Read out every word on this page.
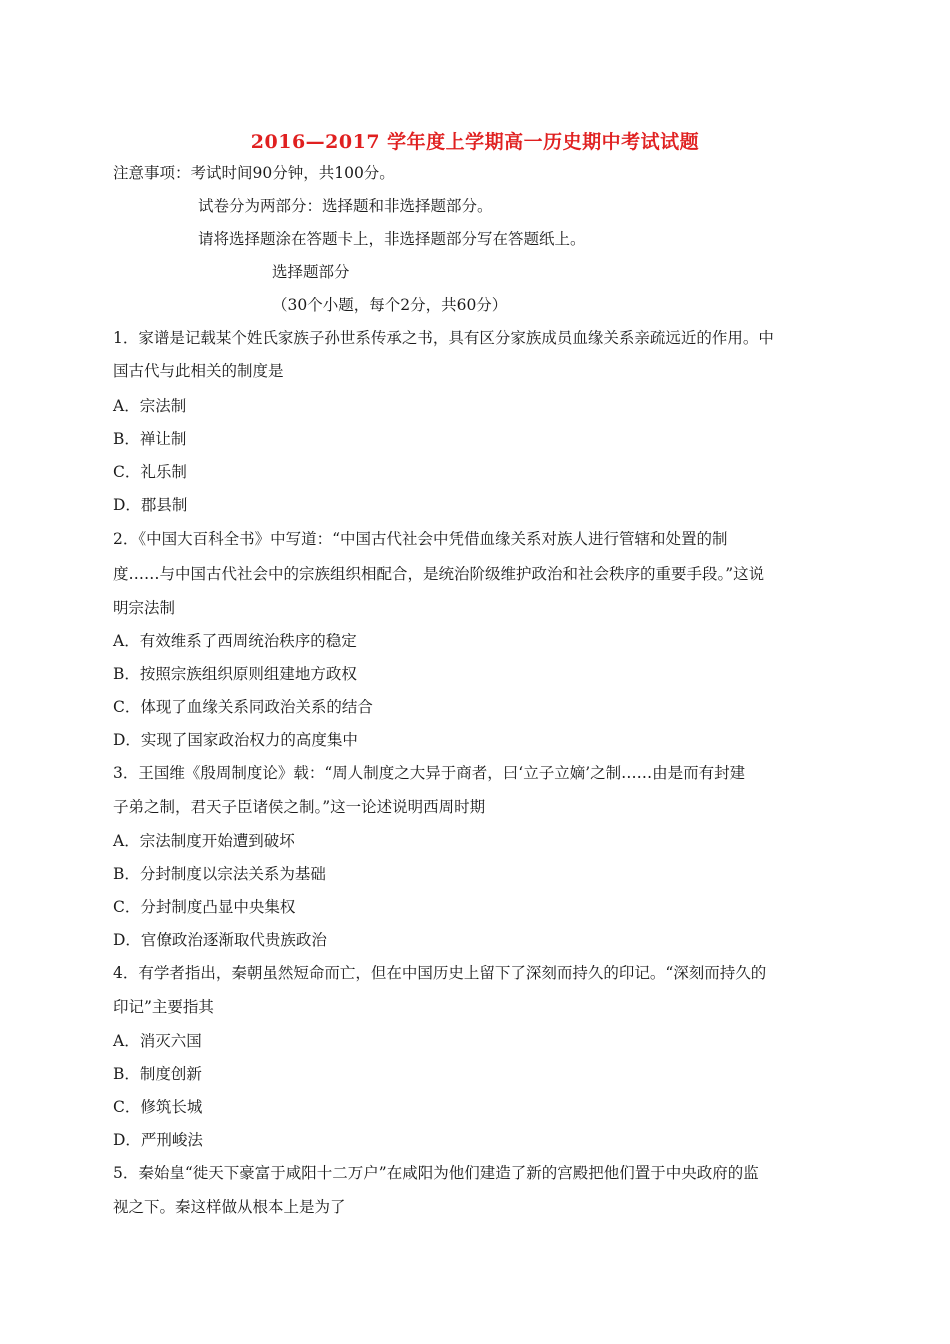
2016—2017 学年度上学期高一历史期中考试试题
注意事项：考试时间90分钟，共100分。
试卷分为两部分：选择题和非选择题部分。
请将选择题涂在答题卡上，非选择题部分写在答题纸上。
选择题部分
（30个小题，每个2分，共60分）
1．家谱是记载某个姓氏家族子孙世系传承之书，具有区分家族成员血缘关系亲疏远近的作用。中
国古代与此相关的制度是
A．宗法制
B．禅让制
C．礼乐制
D．郡县制
2．《中国大百科全书》中写道：“中国古代社会中凭借血缘关系对族人进行管辖和处置的制
度……与中国古代社会中的宗族组织相配合，是统治阶级维护政治和社会秩序的重要手段。”这说
明宗法制
A．有效维系了西周统治秩序的稳定
B．按照宗族组织原则组建地方政权
C．体现了血缘关系同政治关系的结合
D．实现了国家政治权力的高度集中
3．王国维《殷周制度论》载：“周人制度之大异于商者，曰‘立子立嫡’之制……由是而有封建
子弟之制，君天子臣诸侯之制。”这一论述说明西周时期
A．宗法制度开始遭到破坏
B．分封制度以宗法关系为基础
C．分封制度凸显中央集权
D．官僚政治逐渐取代贵族政治
4．有学者指出，秦朝虽然短命而亡，但在中国历史上留下了深刻而持久的印记。“深刻而持久的
印记”主要指其
A．消灭六国
B．制度创新
C．修筑长城
D．严刑峻法
5．秦始皇“徙天下豪富于咸阳十二万户”在咸阳为他们建造了新的宫殿把他们置于中央政府的监
视之下。秦这样做从根本上是为了
